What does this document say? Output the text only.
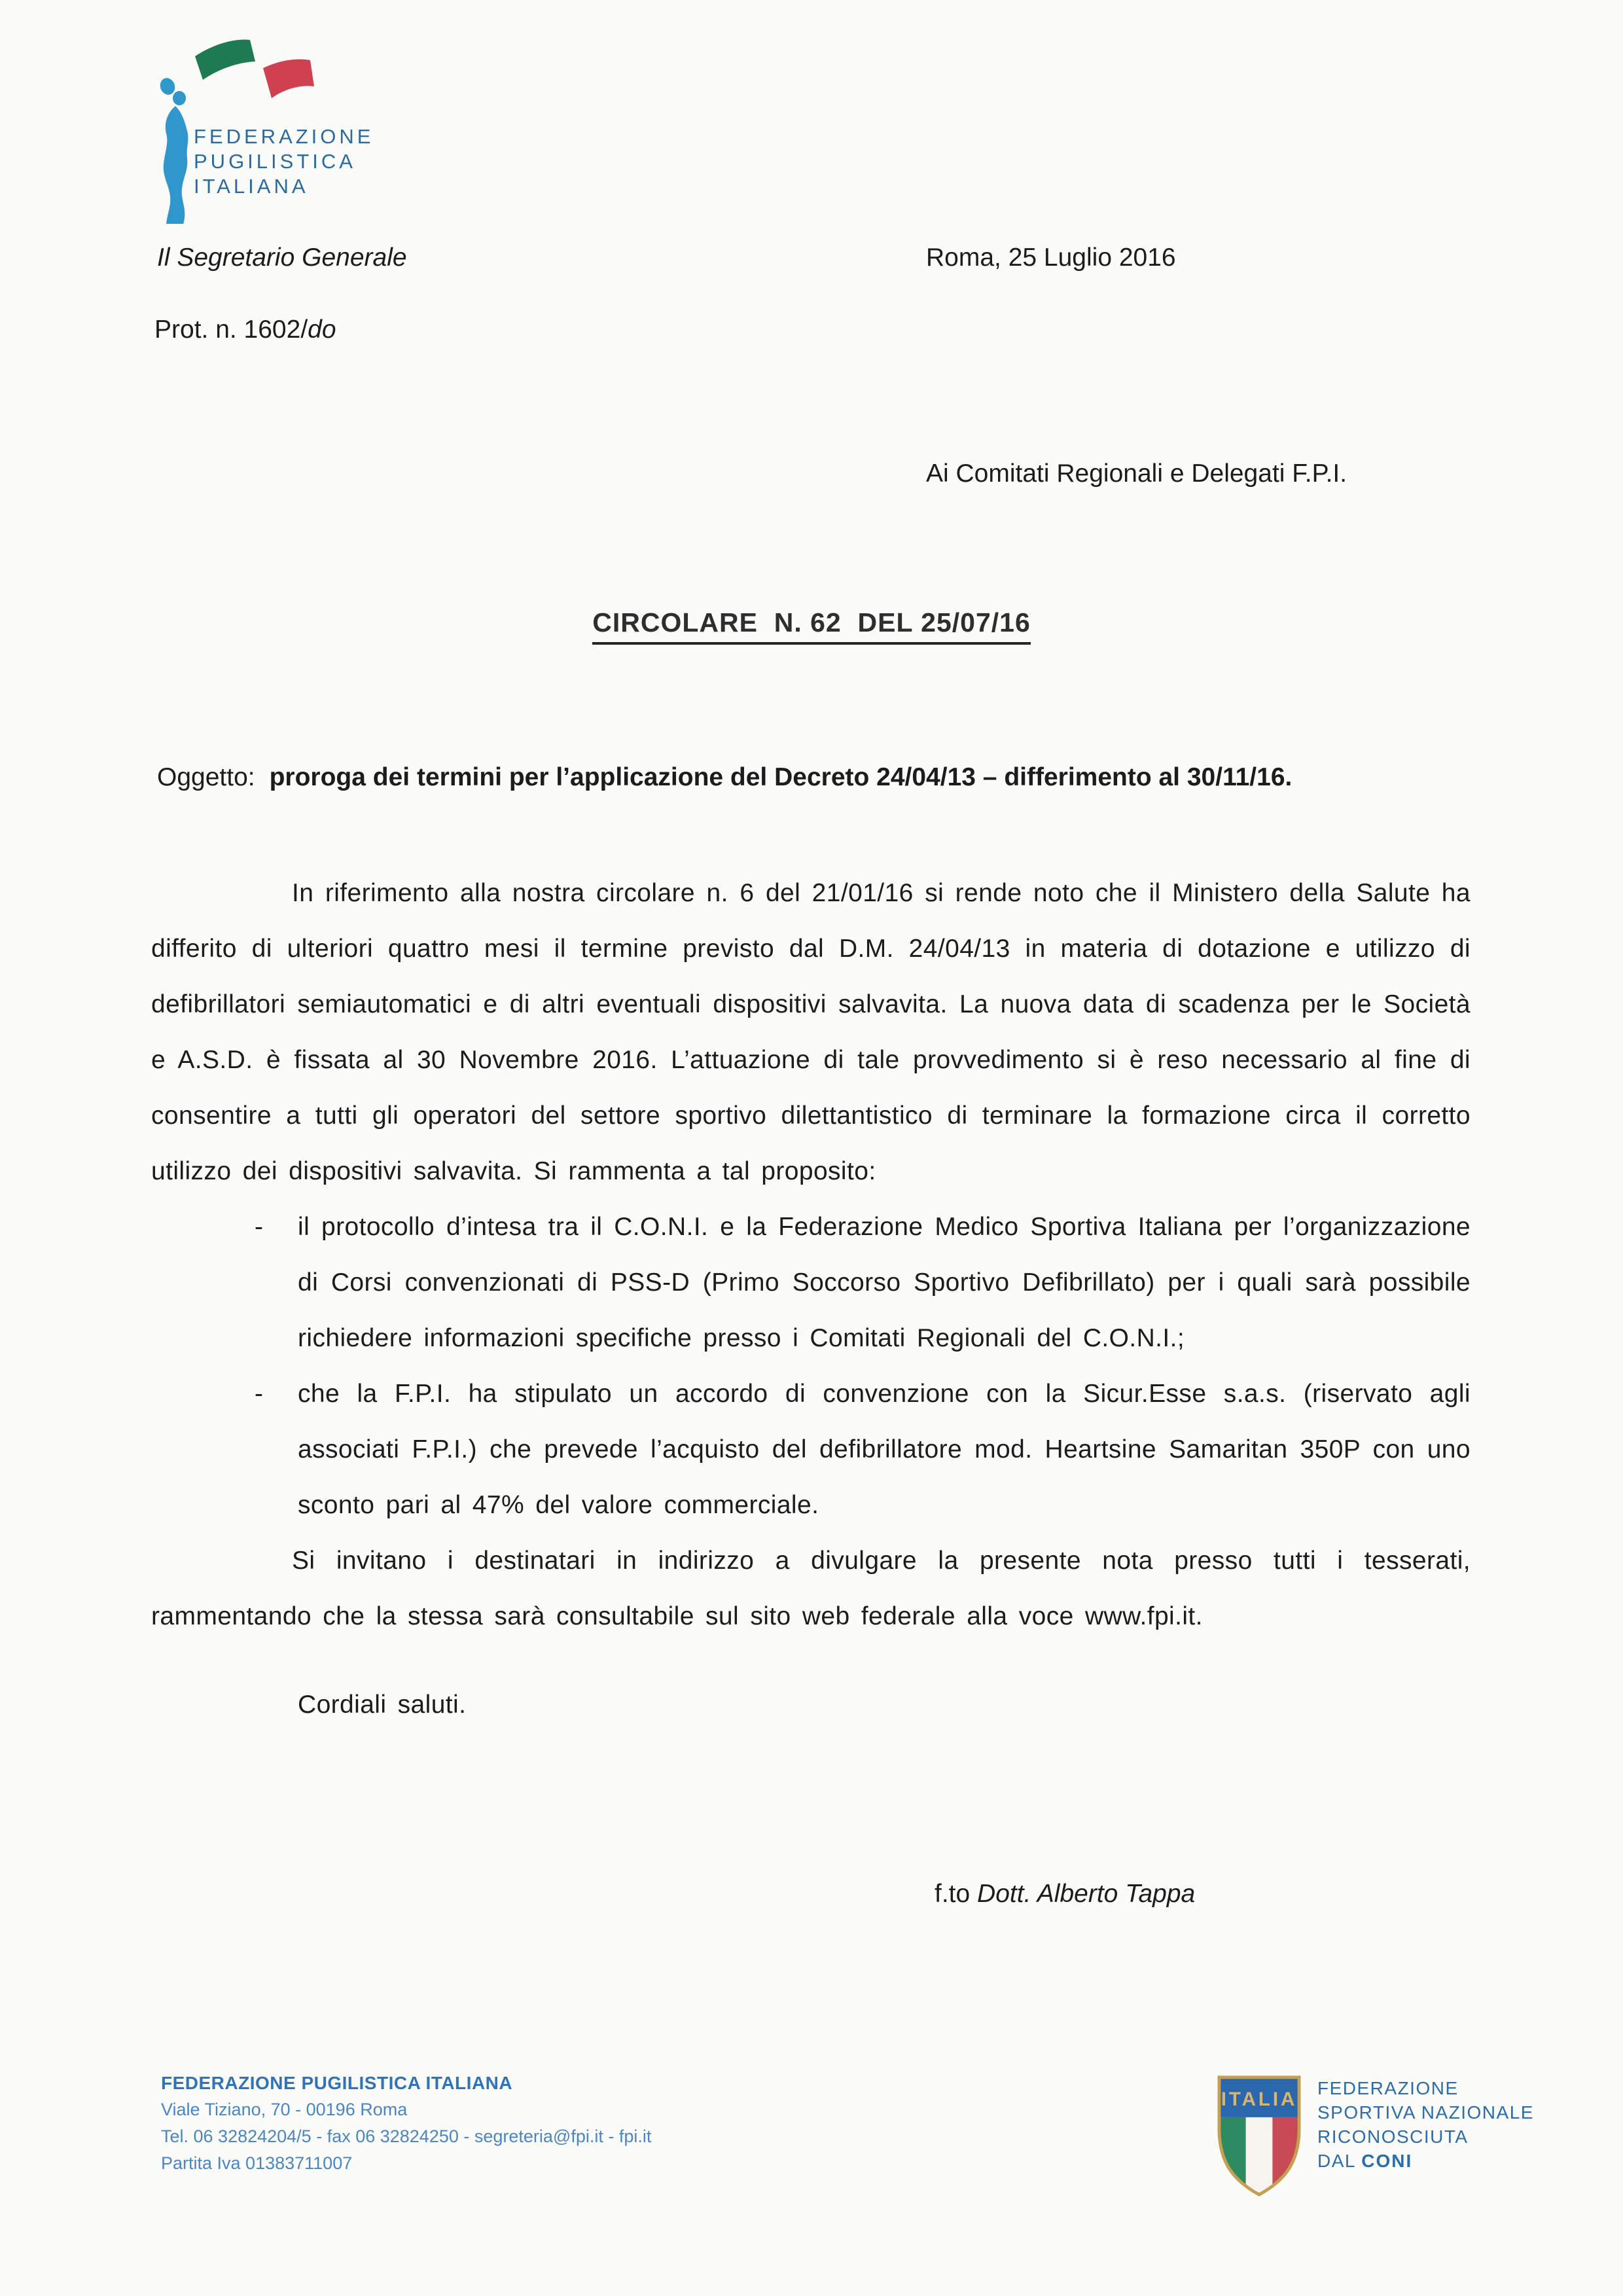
FEDERAZIONE
PUGILISTICA
ITALIANA
Il Segretario Generale	Roma, 25 Luglio 2016
Prot. n. 1602/do
Ai Comitati Regionali e Delegati F.P.I.
CIRCOLARE  N. 62  DEL 25/07/16
Oggetto: proroga dei termini per l’applicazione del Decreto 24/04/13 – differimento al 30/11/16.

In riferimento alla nostra circolare n. 6 del 21/01/16 si rende noto che il Ministero della Salute ha differito di ulteriori quattro mesi il termine previsto dal D.M. 24/04/13 in materia di dotazione e utilizzo di defibrillatori semiautomatici e di altri eventuali dispositivi salvavita. La nuova data di scadenza per le Società e A.S.D. è fissata al 30 Novembre 2016. L’attuazione di tale provvedimento si è reso necessario al fine di consentire a tutti gli operatori del settore sportivo dilettantistico di terminare la formazione circa il corretto utilizzo dei dispositivi salvavita. Si rammenta a tal proposito:

- il protocollo d’intesa tra il C.O.N.I. e la Federazione Medico Sportiva Italiana per l’organizzazione di Corsi convenzionati di PSS-D (Primo Soccorso Sportivo Defibrillato) per i quali sarà possibile richiedere informazioni specifiche presso i Comitati Regionali del C.O.N.I.;
- che la F.P.I. ha stipulato un accordo di convenzione con la Sicur.Esse s.a.s. (riservato agli associati F.P.I.) che prevede l’acquisto del defibrillatore mod. Heartsine Samaritan 350P con uno sconto pari al 47% del valore commerciale.

Si invitano i destinatari in indirizzo a divulgare la presente nota presso tutti i tesserati, rammentando che la stessa sarà consultabile sul sito web federale alla voce www.fpi.it.

Cordiali saluti.
f.to Dott. Alberto Tappa
FEDERAZIONE PUGILISTICA ITALIANA
Viale Tiziano, 70 - 00196 Roma
Tel. 06 32824204/5 - fax 06 32824250 - segreteria@fpi.it - fpi.it
Partita Iva 01383711007
ITALIA
FEDERAZIONE
SPORTIVA NAZIONALE
RICONOSCIUTA
DAL CONI
